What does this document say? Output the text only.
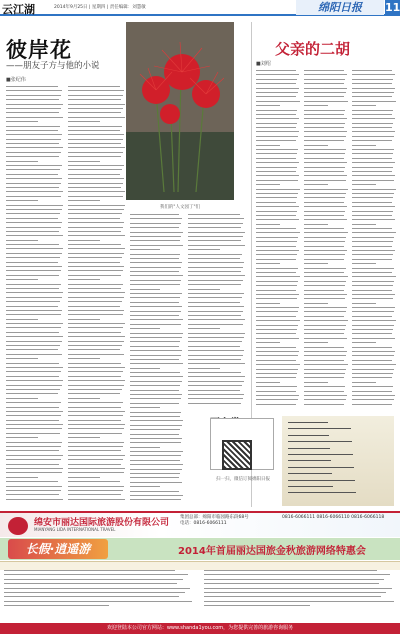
云江湖	2014年9月25日 | 星期四 | 责任编辑：刘慧敏	绵阳日报	11
彼岸花
——朋友子方与他的小说
■张纪伟
我们的"人文园丁"们
父亲的二胡
■刘绍
扫一扫，微信订阅绵阳日报
绵安市丽达国际旅游股份有限公司
MIANYANG LIDA INTERNATIONAL TRAVEL
集团总部：绵阳市临园路东段68号
电话：0816-6066111
0816-6066111 0816-6066110 0816-6066118
长假·逍遥游	2014年首届丽达国旅金秋旅游网络特惠会
欢迎登陆本公司官方网站：www.shanda1you.com，为您提供完善的旅游咨询服务
